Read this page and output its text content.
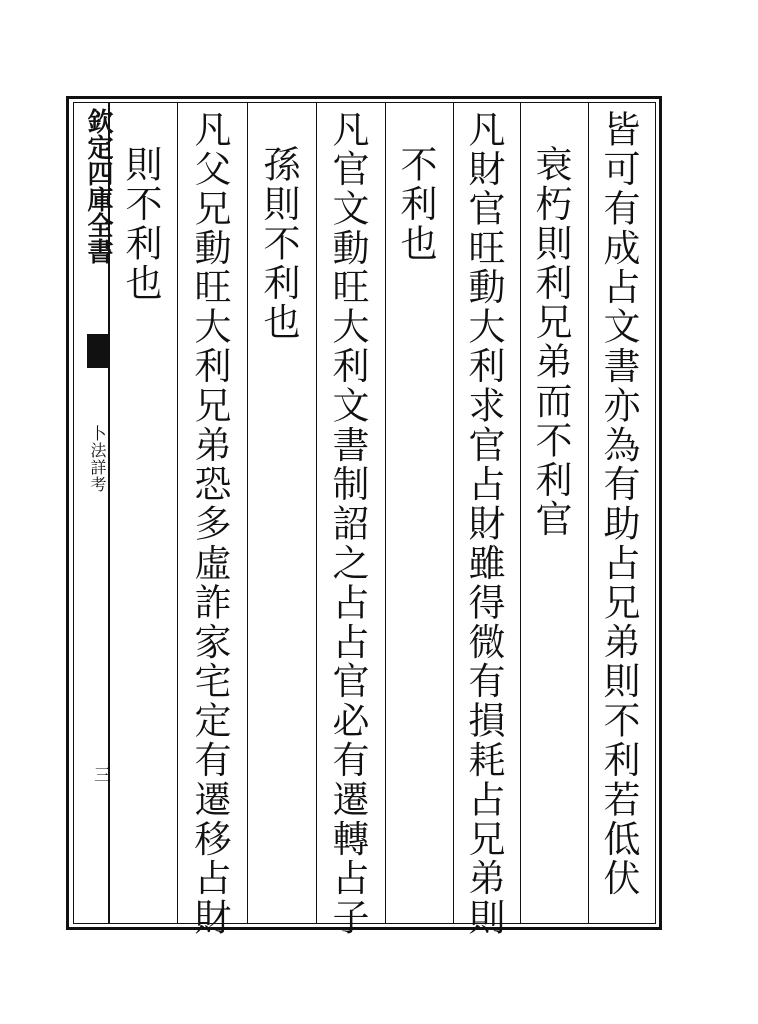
欽定四庫全書
卜法詳考
三	皆可有成占文書亦為有助占兄弟則不利若低伏
衰朽則利兄弟而不利官
凡財官旺動大利求官占財雖得微有損耗占兄弟則
不利也
凡官文動旺大利文書制詔之占占官必有遷轉占子
孫則不利也
凡父兄動旺大利兄弟恐多虛詐家宅定有遷移占財
則不利也
